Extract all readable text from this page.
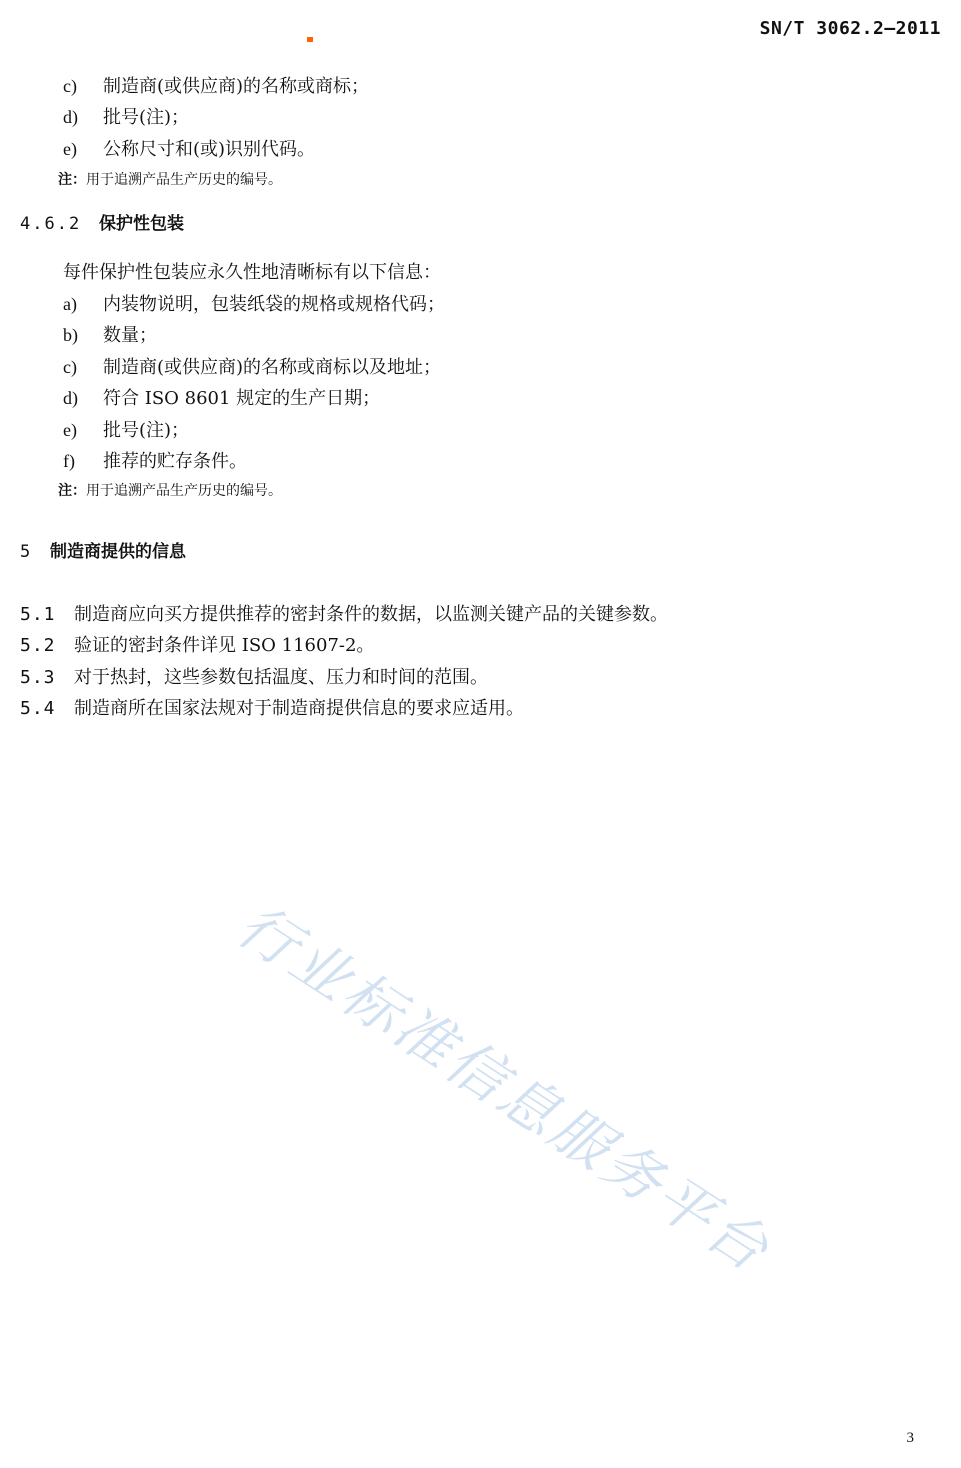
SN/T 3062.2—2011
c) 制造商(或供应商)的名称或商标；
d) 批号(注)；
e) 公称尺寸和(或)识别代码。
注：用于追溯产品生产历史的编号。
4.6.2 保护性包装
每件保护性包装应永久性地清晰标有以下信息：
a) 内装物说明，包装纸袋的规格或规格代码；
b) 数量；
c) 制造商(或供应商)的名称或商标以及地址；
d) 符合 ISO 8601 规定的生产日期；
e) 批号(注)；
f) 推荐的贮存条件。
注：用于追溯产品生产历史的编号。
5 制造商提供的信息
5.1 制造商应向买方提供推荐的密封条件的数据，以监测关键产品的关键参数。
5.2 验证的密封条件详见 ISO 11607-2。
5.3 对于热封，这些参数包括温度、压力和时间的范围。
5.4 制造商所在国家法规对于制造商提供信息的要求应适用。
行业标准信息服务平台
3
